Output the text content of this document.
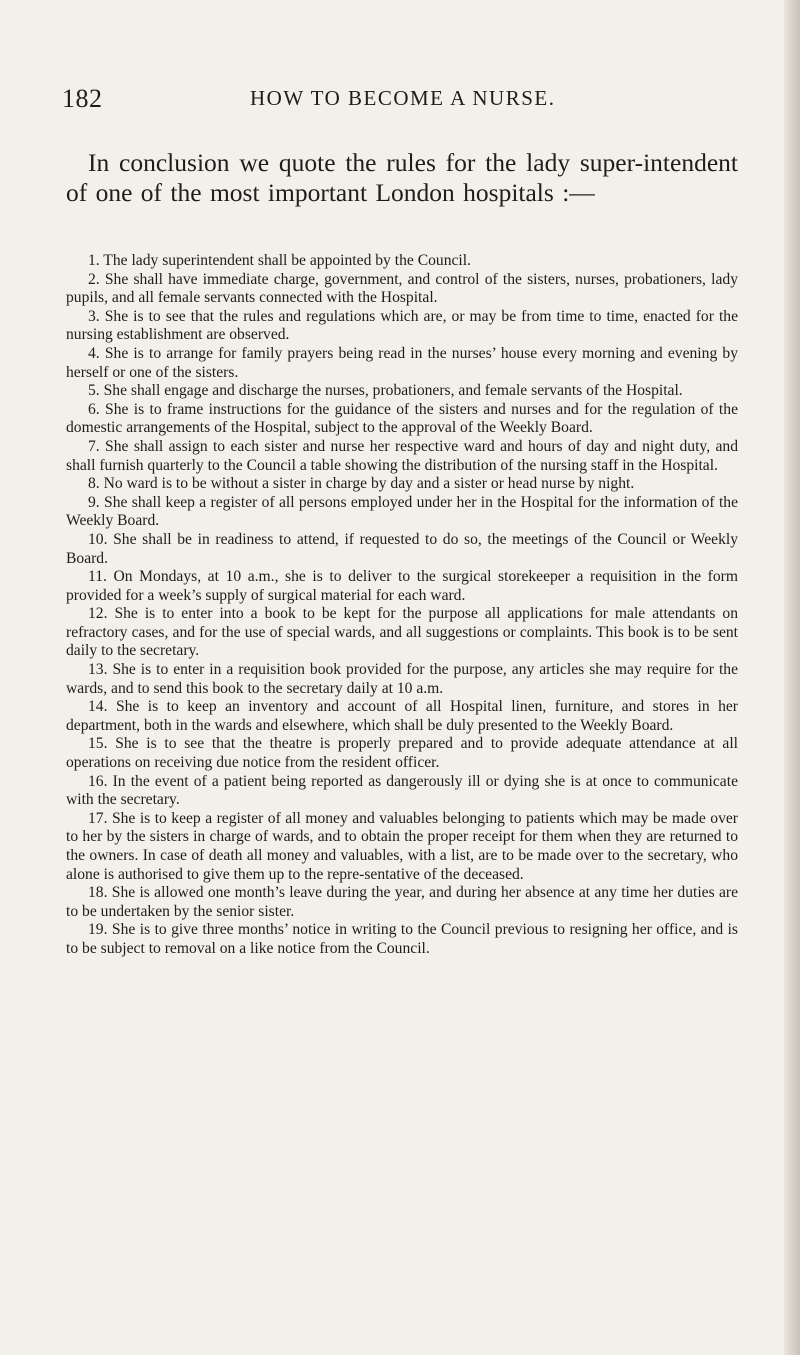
182	HOW TO BECOME A NURSE.

In conclusion we quote the rules for the lady super-intendent of one of the most important London hospitals :—

1. The lady superintendent shall be appointed by the Council.
2. She shall have immediate charge, government, and control of the sisters, nurses, probationers, lady pupils, and all female servants connected with the Hospital.
3. She is to see that the rules and regulations which are, or may be from time to time, enacted for the nursing establishment are observed.
4. She is to arrange for family prayers being read in the nurses’ house every morning and evening by herself or one of the sisters.
5. She shall engage and discharge the nurses, probationers, and female servants of the Hospital.
6. She is to frame instructions for the guidance of the sisters and nurses and for the regulation of the domestic arrangements of the Hospital, subject to the approval of the Weekly Board.
7. She shall assign to each sister and nurse her respective ward and hours of day and night duty, and shall furnish quarterly to the Council a table showing the distribution of the nursing staff in the Hospital.
8. No ward is to be without a sister in charge by day and a sister or head nurse by night.
9. She shall keep a register of all persons employed under her in the Hospital for the information of the Weekly Board.
10. She shall be in readiness to attend, if requested to do so, the meetings of the Council or Weekly Board.
11. On Mondays, at 10 a.m., she is to deliver to the surgical storekeeper a requisition in the form provided for a week’s supply of surgical material for each ward.
12. She is to enter into a book to be kept for the purpose all applications for male attendants on refractory cases, and for the use of special wards, and all suggestions or complaints. This book is to be sent daily to the secretary.
13. She is to enter in a requisition book provided for the purpose, any articles she may require for the wards, and to send this book to the secretary daily at 10 a.m.
14. She is to keep an inventory and account of all Hospital linen, furniture, and stores in her department, both in the wards and elsewhere, which shall be duly presented to the Weekly Board.
15. She is to see that the theatre is properly prepared and to provide adequate attendance at all operations on receiving due notice from the resident officer.
16. In the event of a patient being reported as dangerously ill or dying she is at once to communicate with the secretary.
17. She is to keep a register of all money and valuables belonging to patients which may be made over to her by the sisters in charge of wards, and to obtain the proper receipt for them when they are returned to the owners. In case of death all money and valuables, with a list, are to be made over to the secretary, who alone is authorised to give them up to the repre-sentative of the deceased.
18. She is allowed one month’s leave during the year, and during her absence at any time her duties are to be undertaken by the senior sister.
19. She is to give three months’ notice in writing to the Council previous to resigning her office, and is to be subject to removal on a like notice from the Council.
